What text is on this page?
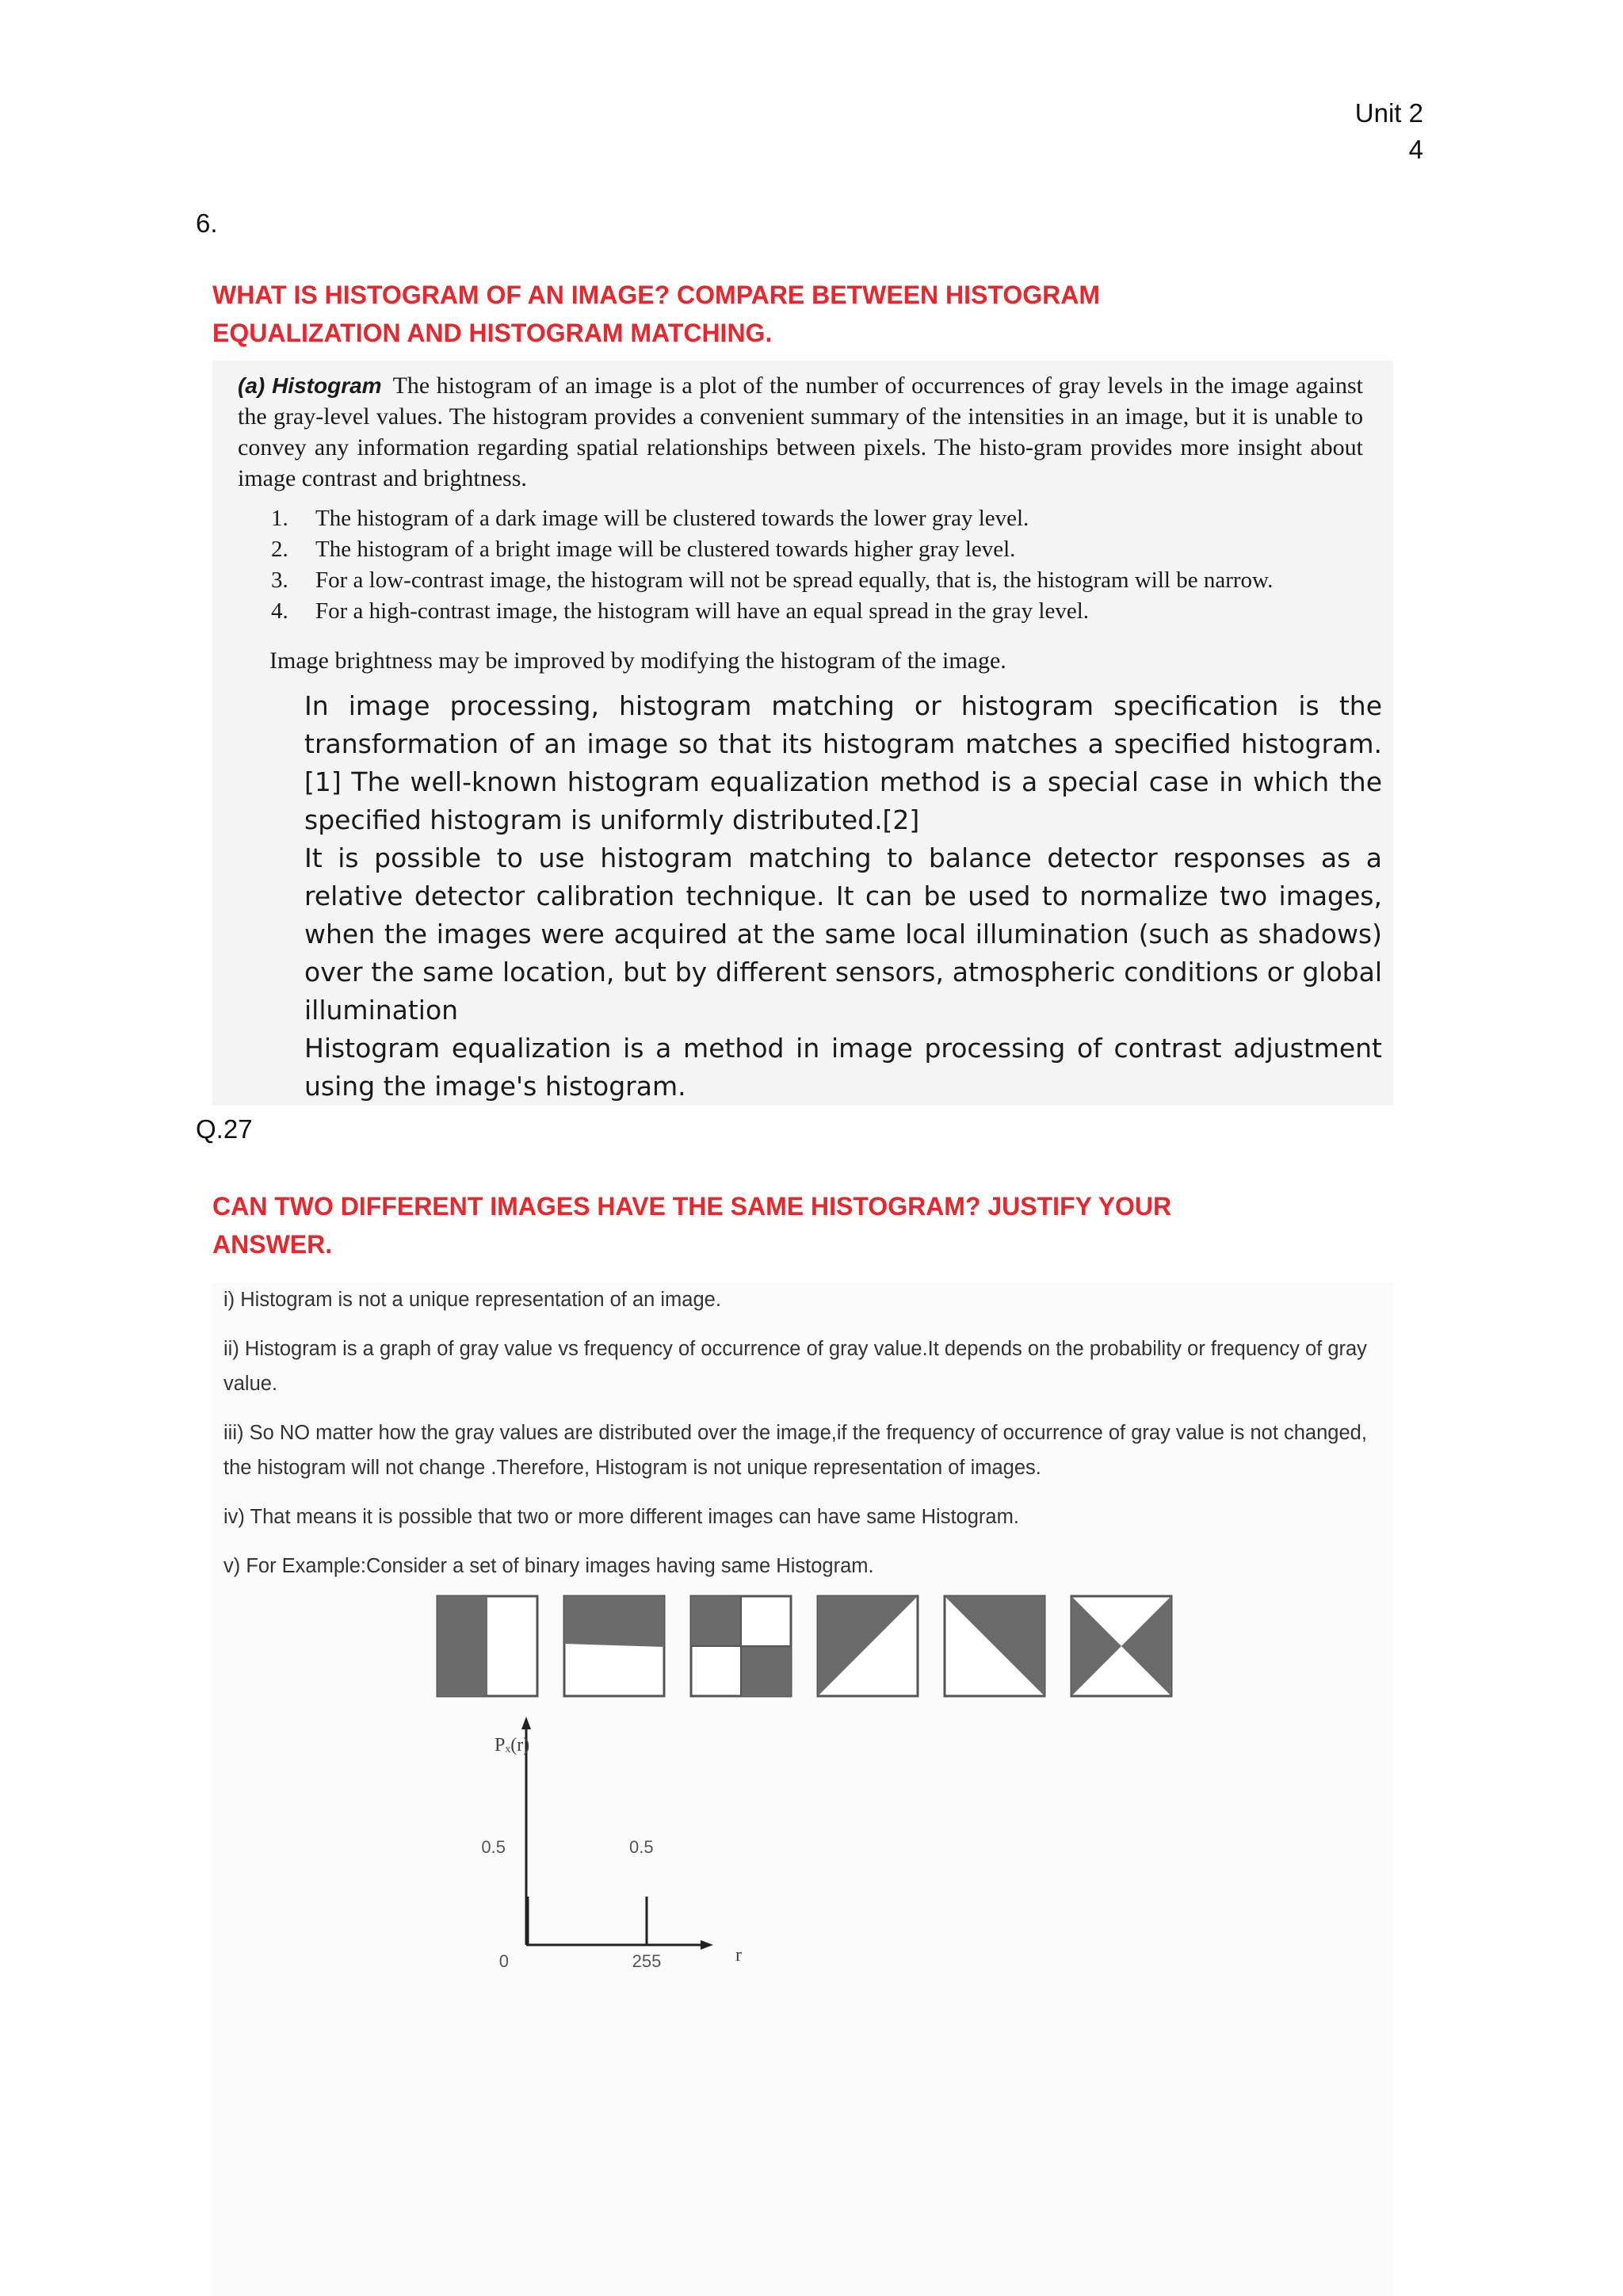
Unit 2
4
6.
WHAT IS HISTOGRAM OF AN IMAGE? COMPARE BETWEEN HISTOGRAM EQUALIZATION AND HISTOGRAM MATCHING.
(a) Histogram The histogram of an image is a plot of the number of occurrences of gray levels in the image against the gray-level values. The histogram provides a convenient summary of the intensities in an image, but it is unable to convey any information regarding spatial relationships between pixels. The histo-gram provides more insight about image contrast and brightness.
1.	The histogram of a dark image will be clustered towards the lower gray level.
2.	The histogram of a bright image will be clustered towards higher gray level.
3.	For a low-contrast image, the histogram will not be spread equally, that is, the histogram will be narrow.
4.	For a high-contrast image, the histogram will have an equal spread in the gray level.
Image brightness may be improved by modifying the histogram of the image.

In image processing, histogram matching or histogram specification is the transformation of an image so that its histogram matches a specified histogram.[1] The well-known histogram equalization method is a special case in which the specified histogram is uniformly distributed.[2]

It is possible to use histogram matching to balance detector responses as a relative detector calibration technique. It can be used to normalize two images, when the images were acquired at the same local illumination (such as shadows) over the same location, but by different sensors, atmospheric conditions or global illumination

Histogram equalization is a method in image processing of contrast adjustment using the image's histogram.

Q.27
CAN TWO DIFFERENT IMAGES HAVE THE SAME HISTOGRAM? JUSTIFY YOUR ANSWER.
i) Histogram is not a unique representation of an image.
ii) Histogram is a graph of gray value vs frequency of occurrence of gray value.It depends on the probability or frequency of gray value.
iii) So NO matter how the gray values are distributed over the image,if the frequency of occurrence of gray value is not changed, the histogram will not change .Therefore, Histogram is not unique representation of images.
iv) That means it is possible that two or more different images can have same Histogram.
v) For Example:Consider a set of binary images having same Histogram.
Pₓ(r)
r
0.5
0	255
0.5
